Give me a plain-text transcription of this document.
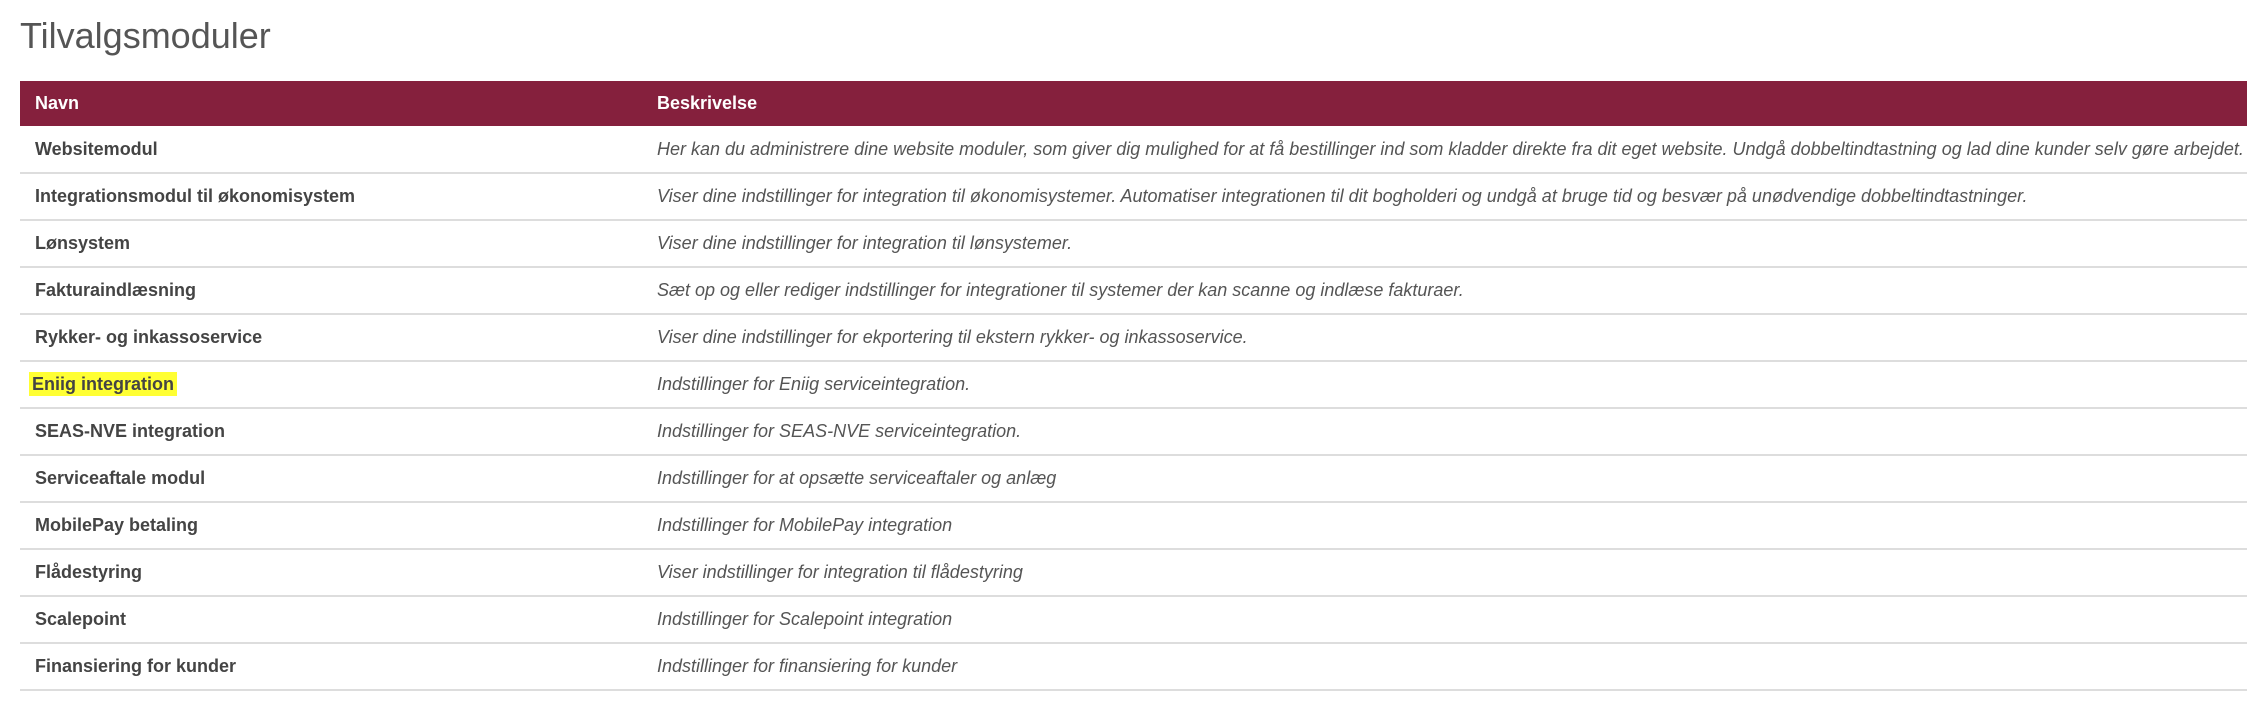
Tilvalgsmoduler
Navn	Beskrivelse
Websitemodul	Her kan du administrere dine website moduler, som giver dig mulighed for at få bestillinger ind som kladder direkte fra dit eget website. Undgå dobbeltindtastning og lad dine kunder selv gøre arbejdet.
Integrationsmodul til økonomisystem	Viser dine indstillinger for integration til økonomisystemer. Automatiser integrationen til dit bogholderi og undgå at bruge tid og besvær på unødvendige dobbeltindtastninger.
Lønsystem	Viser dine indstillinger for integration til lønsystemer.
Fakturaindlæsning	Sæt op og eller rediger indstillinger for integrationer til systemer der kan scanne og indlæse fakturaer.
Rykker- og inkassoservice	Viser dine indstillinger for ekportering til ekstern rykker- og inkassoservice.
Eniig integration	Indstillinger for Eniig serviceintegration.
SEAS-NVE integration	Indstillinger for SEAS-NVE serviceintegration.
Serviceaftale modul	Indstillinger for at opsætte serviceaftaler og anlæg
MobilePay betaling	Indstillinger for MobilePay integration
Flådestyring	Viser indstillinger for integration til flådestyring
Scalepoint	Indstillinger for Scalepoint integration
Finansiering for kunder	Indstillinger for finansiering for kunder
